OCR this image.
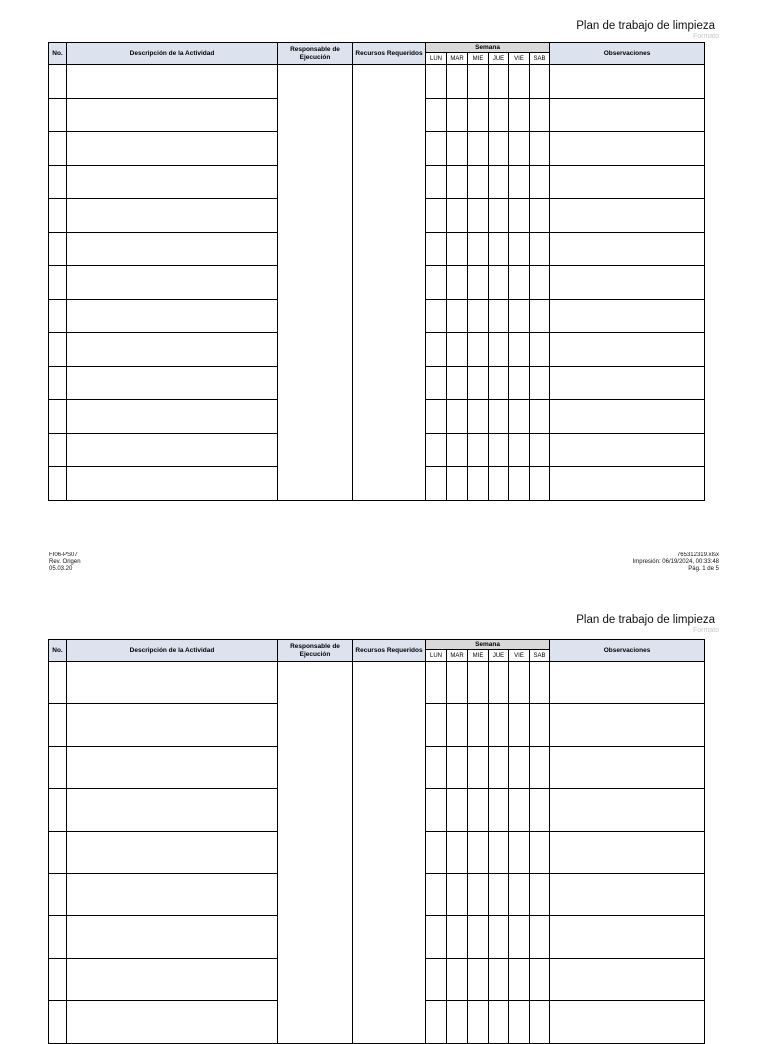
Plan de trabajo de limpieza
Formato
No.	Descripción de la Actividad	Responsable de Ejecución	Recursos Requeridos	Semana						Observaciones
				LUN	MAR	MIE	JUE	VIE	SAB	

FI06-PS07
Rev. Origen
05.03.20
765312319.xlsx
Impresión: 06/19/2024, 00:33:48
Pág. 1 de 5
Plan de trabajo de limpieza
Formato
No.	Descripción de la Actividad	Responsable de Ejecución	Recursos Requeridos	Semana						Observaciones
				LUN	MAR	MIE	JUE	VIE	SAB	
